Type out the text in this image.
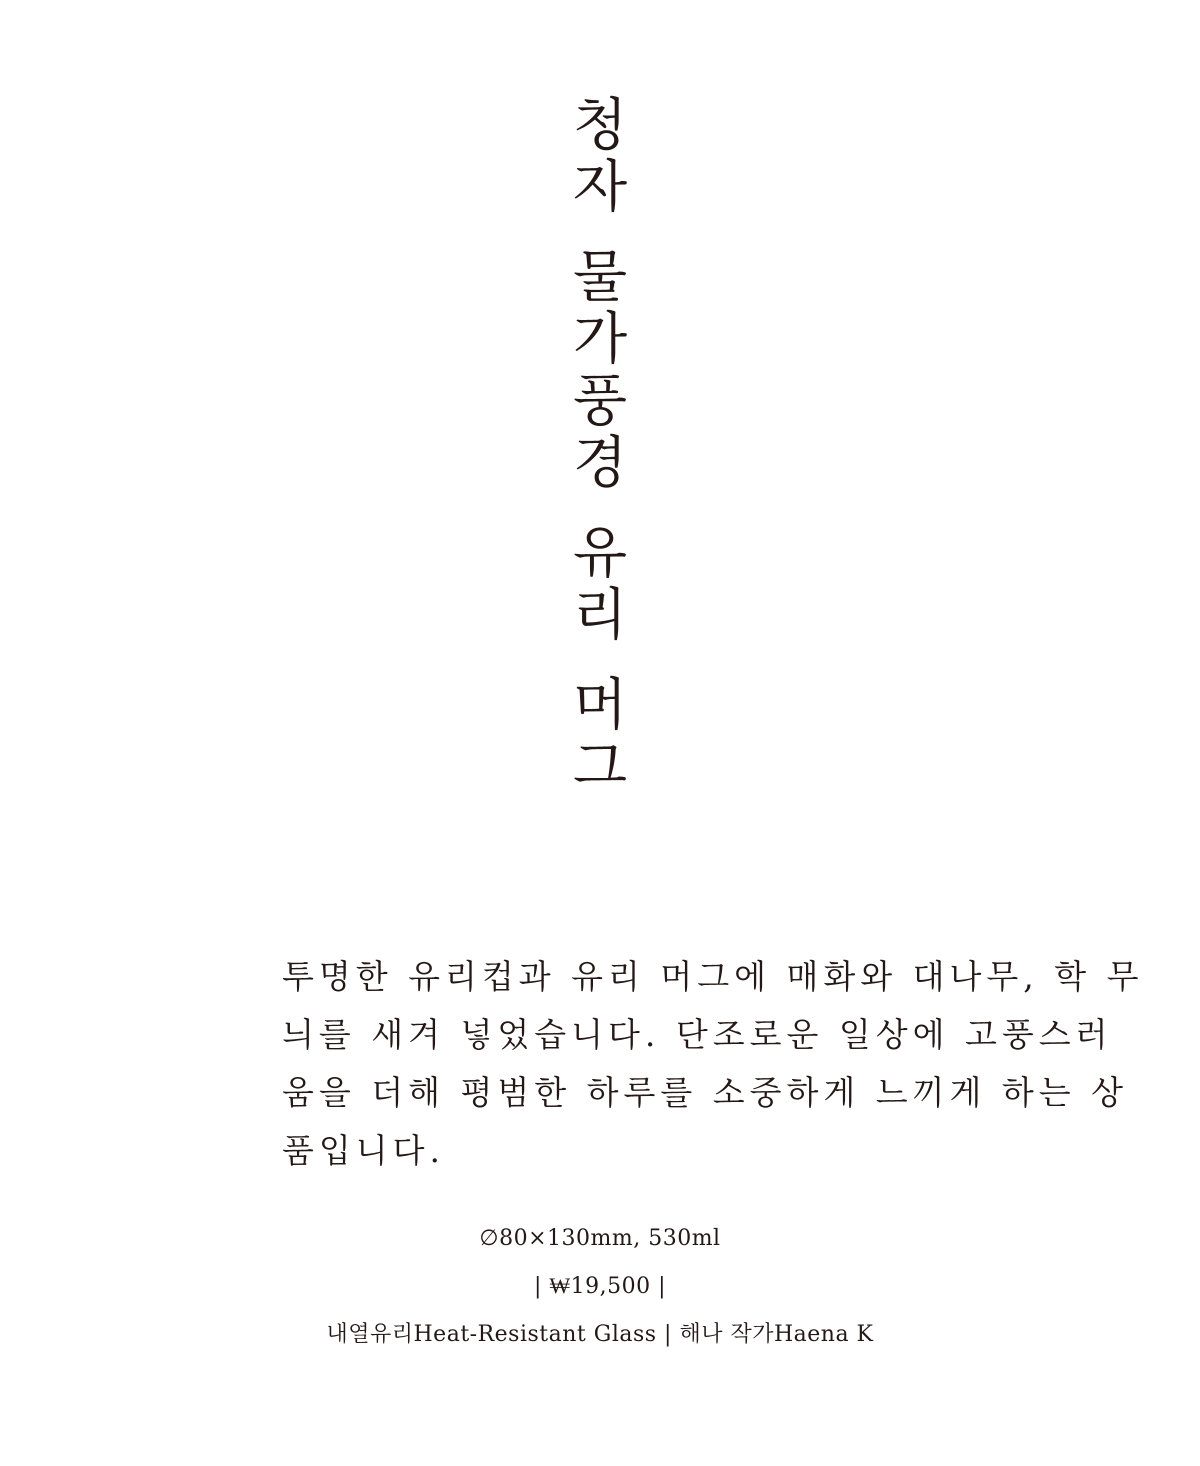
청
자
물
가
풍
경
유
리
머
그
투명한 유리컵과 유리 머그에 매화와 대나무, 학 무
늬를 새겨 넣었습니다. 단조로운 일상에 고풍스러
움을 더해 평범한 하루를 소중하게 느끼게 하는 상
품입니다.
∅80×130mm, 530ml
| ₩19,500 |
내열유리Heat-Resistant Glass | 해나 작가Haena K
